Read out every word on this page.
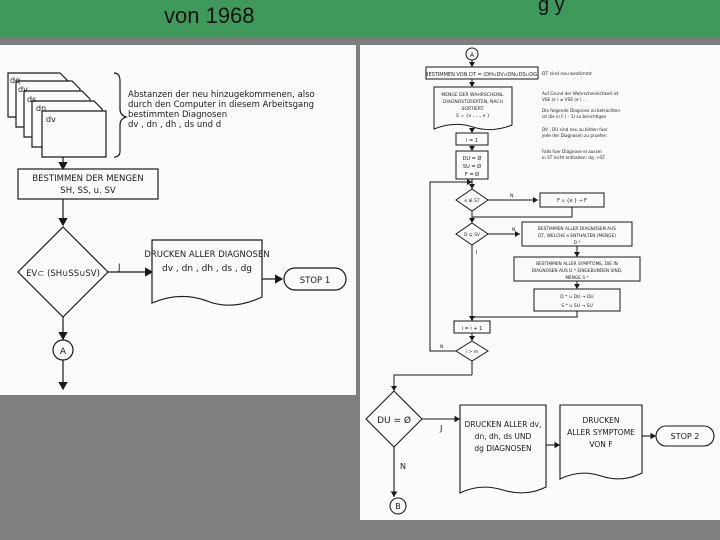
von 1968	g y
dq
dv
ds
dn
dv
Abstanzen der neu hinzugekommenen, also
durch den Computer in diesem Arbeitsgang
bestimmten Diagnosen
dv , dn , dh , ds und d
BESTIMMEN DER MENGEN
SH, SS, u. SV
EV⊂ (SH∪SS∪SV)
J
DRUCKEN ALLER DIAGNOSEN
dv , dn , dh , ds , dg
STOP 1
A
A
BESTIMMEN VON DT = (DH∪DV∪DN∪DS∪DG) DT sind neu bestimmt
MENGE DER WAHRSCHEINL.
DIAGNOSTIZIERTEN, NACH
SORTIERT:
E = {e , ..., e }
Auf Grund der Wahrscheinlichkeit ist
VSE (e ) ≥ VSE (e ) ...
Die folgende Diagnose zu betrachten
ist die in F ( - 1) zu berichtigen
DV , DU sind neu zu bilden fuer
jede der Diagnosen zu pruefen
Falls fuer Diagnose ei ausser
in ST nicht enthalten: dq ->ST
i = 1
DU = Ø
SU = Ø
F = Ø
e ∉ ST
N
F ∪ {e } → F
D ⊆ SV
N	BESTIMMEN ALLER DIAGNOSEN AUS
DT, WELCHE e ENTHALTEN (MENGE)
D *
J
BESTIMMEN ALLER SYMPTOME, DIE IN
DIAGNOSEN AUS D * EINGEBUNDEN SIND,
MENGE S *
D * ∪ DU → DU
S * ∪ SU → SU
i = i + 1
i > m
N
DU = Ø
J	DRUCKEN ALLER dv,
dn, dh, ds UND
dg DIAGNOSEN
DRUCKEN
ALLER SYMPTOME
VON F
STOP 2
N
B
